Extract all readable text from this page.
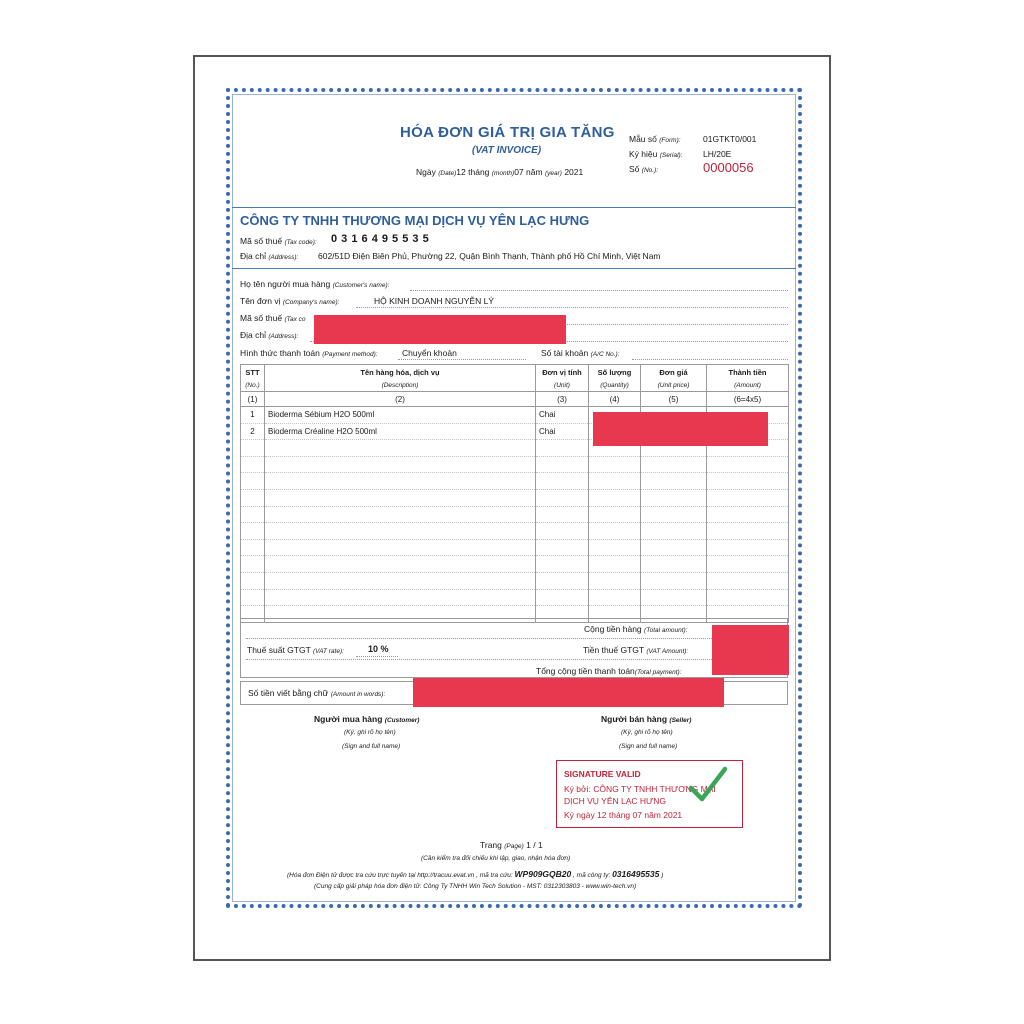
HÓA ĐƠN GIÁ TRỊ GIA TĂNG
(VAT INVOICE)
Ngày (Date)12 tháng (month)07 năm (year) 2021
Mẫu số (Form):	01GTKT0/001
Ký hiệu (Serial): LH/20E
Số (No.):	0000056
CÔNG TY TNHH THƯƠNG MẠI DỊCH VỤ YÊN LẠC HƯNG
Mã số thuế (Tax code): 0 3 1 6 4 9 5 5 3 5
Địa chỉ (Address): 602/51D Điện Biên Phủ, Phường 22, Quận Bình Thạnh, Thành phố Hồ Chí Minh, Việt Nam
Họ tên người mua hàng (Customer's name):
Tên đơn vị (Company's name):	HỘ KINH DOANH NGUYỄN LÝ
Mã số thuế (Tax co
Địa chỉ (Address):
Hình thức thanh toán (Payment method):	Chuyển khoản	Số tài khoản (A/C No.):
STT	Tên hàng hóa, dịch vụ	Đơn vị tính	Số lượng	Đơn giá	Thành tiền
(No.)	(Description)	(Unit)	(Quantity)	(Unit price)	(Amount)
(1)	(2)	(3)	(4)	(5)	(6=4x5)
1	Bioderma Sébium H2O 500ml	Chai			
2	Bioderma Créaline H2O 500ml	Chai			

Cộng tiền hàng (Total amount):
Thuế suất GTGT (VAT rate):	10 %	Tiền thuế GTGT (VAT Amount):
Tổng cộng tiền thanh toán(Total payment):
Số tiền viết bằng chữ (Amount in words):
Người mua hàng (Customer)
(Ký, ghi rõ họ tên)
(Sign and full name)
Người bán hàng (Seller)
(Ký, ghi rõ họ tên)
(Sign and full name)
SIGNATURE VALID
Ký bởi: CÔNG TY TNHH THƯƠNG MẠI
DỊCH VỤ YÊN LẠC HƯNG
Ký ngày 12 tháng 07 năm 2021
Trang (Page) 1 / 1
(Cần kiểm tra đối chiếu khi lập, giao, nhận hóa đơn)
(Hóa đơn Điện tử được tra cứu trực tuyến tại http://tracuu.evat.vn , mã tra cứu: WP909GQB20 , mã công ty: 0316495535 )
(Cung cấp giải pháp hóa đơn điện tử: Công Ty TNHH Win Tech Solution - MST: 0312303803 - www.win-tech.vn)
